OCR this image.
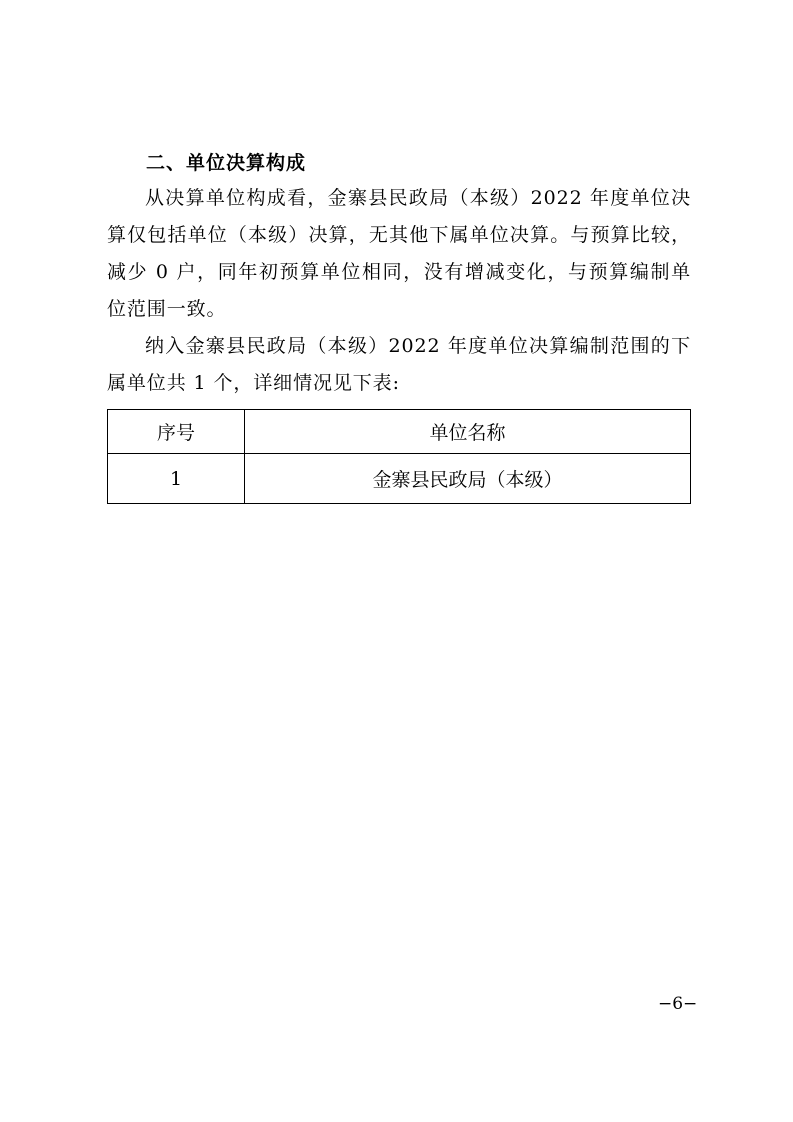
二、单位决算构成

从决算单位构成看，金寨县民政局（本级）2022 年度单位决算仅包括单位（本级）决算，无其他下属单位决算。与预算比较，减少 0 户，同年初预算单位相同，没有增减变化，与预算编制单位范围一致。

纳入金寨县民政局（本级）2022 年度单位决算编制范围的下属单位共 1 个，详细情况见下表:

序号	单位名称
1	金寨县民政局（本级）
−6−
